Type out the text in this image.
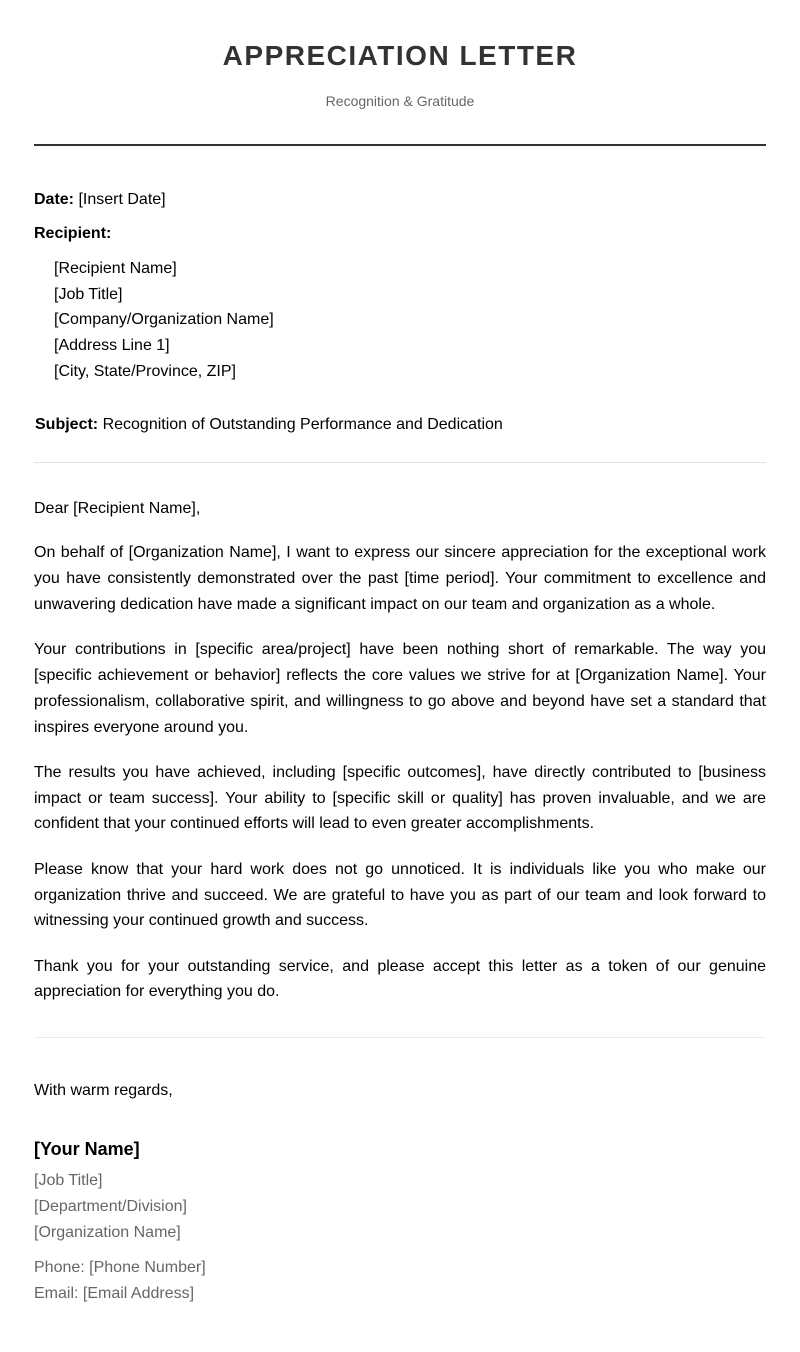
APPRECIATION LETTER

Recognition & Gratitude

Date: [Insert Date]

Recipient:

[Recipient Name]
[Job Title]
[Company/Organization Name]
[Address Line 1]
[City, State/Province, ZIP]

Subject: Recognition of Outstanding Performance and Dedication

Dear [Recipient Name],

On behalf of [Organization Name], I want to express our sincere appreciation for the exceptional work you have consistently demonstrated over the past [time period]. Your commitment to excellence and unwavering dedication have made a significant impact on our team and organization as a whole.

Your contributions in [specific area/project] have been nothing short of remarkable. The way you [specific achievement or behavior] reflects the core values we strive for at [Organization Name]. Your professionalism, collaborative spirit, and willingness to go above and beyond have set a standard that inspires everyone around you.

The results you have achieved, including [specific outcomes], have directly contributed to [business impact or team success]. Your ability to [specific skill or quality] has proven invaluable, and we are confident that your continued efforts will lead to even greater accomplishments.

Please know that your hard work does not go unnoticed. It is individuals like you who make our organization thrive and succeed. We are grateful to have you as part of our team and look forward to witnessing your continued growth and success.

Thank you for your outstanding service, and please accept this letter as a token of our genuine appreciation for everything you do.

With warm regards,

[Your Name]
[Job Title]
[Department/Division]
[Organization Name]
Phone: [Phone Number]
Email: [Email Address]
